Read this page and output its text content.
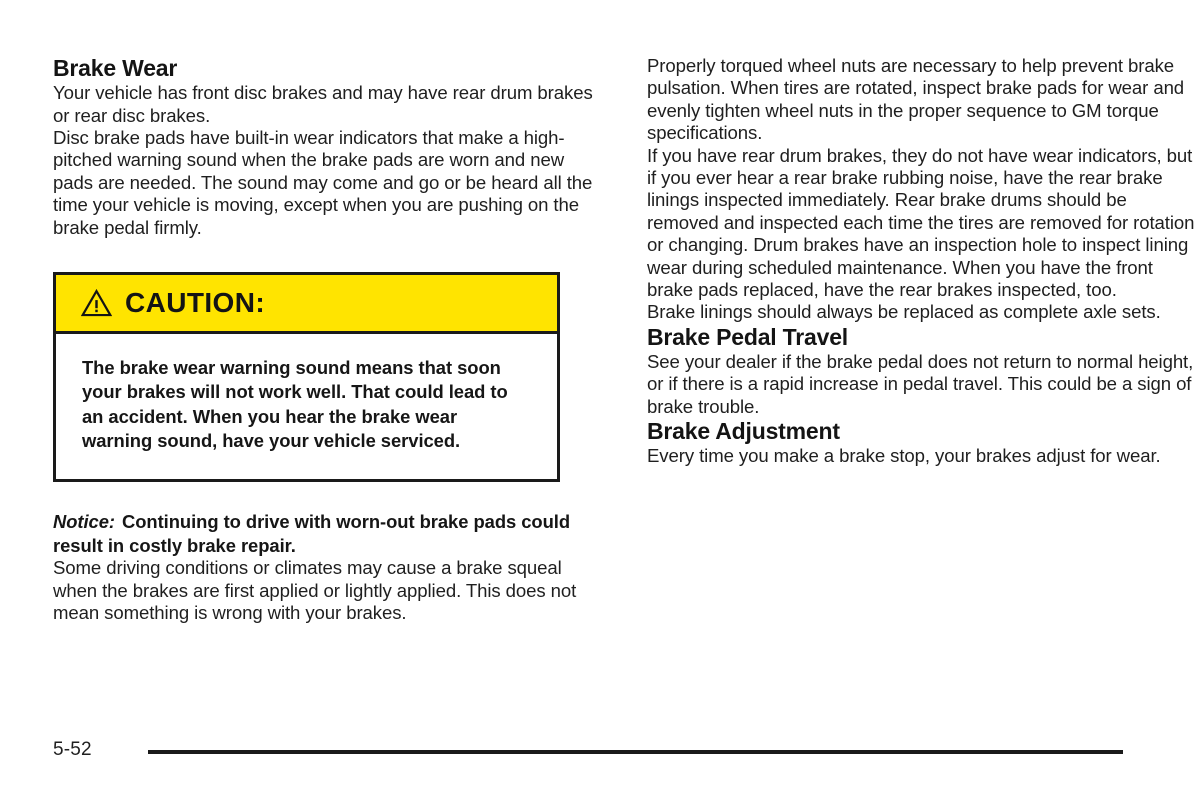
Brake Wear

Your vehicle has front disc brakes and may have rear drum brakes or rear disc brakes.

Disc brake pads have built-in wear indicators that make a high-pitched warning sound when the brake pads are worn and new pads are needed. The sound may come and go or be heard all the time your vehicle is moving, except when you are pushing on the brake pedal firmly.

CAUTION:

The brake wear warning sound means that soon your brakes will not work well. That could lead to an accident. When you hear the brake wear warning sound, have your vehicle serviced.

Notice: Continuing to drive with worn-out brake pads could result in costly brake repair.

Some driving conditions or climates may cause a brake squeal when the brakes are first applied or lightly applied. This does not mean something is wrong with your brakes.

Properly torqued wheel nuts are necessary to help prevent brake pulsation. When tires are rotated, inspect brake pads for wear and evenly tighten wheel nuts in the proper sequence to GM torque specifications.

If you have rear drum brakes, they do not have wear indicators, but if you ever hear a rear brake rubbing noise, have the rear brake linings inspected immediately. Rear brake drums should be removed and inspected each time the tires are removed for rotation or changing. Drum brakes have an inspection hole to inspect lining wear during scheduled maintenance. When you have the front brake pads replaced, have the rear brakes inspected, too.

Brake linings should always be replaced as complete axle sets.

Brake Pedal Travel

See your dealer if the brake pedal does not return to normal height, or if there is a rapid increase in pedal travel. This could be a sign of brake trouble.

Brake Adjustment

Every time you make a brake stop, your brakes adjust for wear.

5-52
